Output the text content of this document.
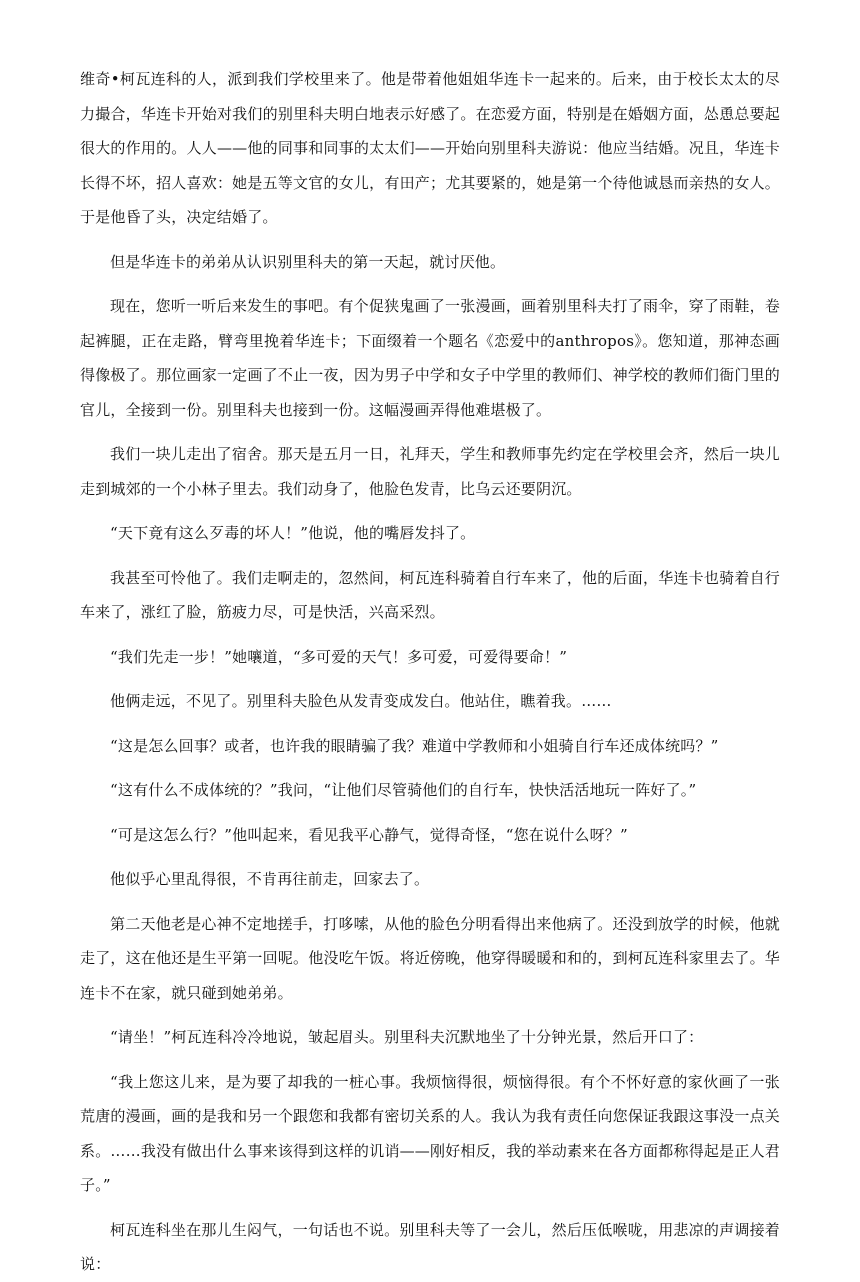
维奇•柯瓦连科的人，派到我们学校里来了。他是带着他姐姐华连卡一起来的。后来，由于校长太太的尽力撮合，华连卡开始对我们的别里科夫明白地表示好感了。在恋爱方面，特别是在婚姻方面，怂恿总要起很大的作用的。人人——他的同事和同事的太太们——开始向别里科夫游说：他应当结婚。况且，华连卡长得不坏，招人喜欢：她是五等文官的女儿，有田产；尤其要紧的，她是第一个待他诚恳而亲热的女人。于是他昏了头，决定结婚了。

但是华连卡的弟弟从认识别里科夫的第一天起，就讨厌他。

现在，您听一听后来发生的事吧。有个促狭鬼画了一张漫画，画着别里科夫打了雨伞，穿了雨鞋，卷起裤腿，正在走路，臂弯里挽着华连卡；下面缀着一个题名《恋爱中的anthropos》。您知道，那神态画得像极了。那位画家一定画了不止一夜，因为男子中学和女子中学里的教师们、神学校的教师们衙门里的官儿，全接到一份。别里科夫也接到一份。这幅漫画弄得他难堪极了。

我们一块儿走出了宿舍。那天是五月一日，礼拜天，学生和教师事先约定在学校里会齐，然后一块儿走到城郊的一个小林子里去。我们动身了，他脸色发青，比乌云还要阴沉。

“天下竟有这么歹毒的坏人！”他说，他的嘴唇发抖了。

我甚至可怜他了。我们走啊走的，忽然间，柯瓦连科骑着自行车来了，他的后面，华连卡也骑着自行车来了，涨红了脸，筋疲力尽，可是快活，兴高采烈。

“我们先走一步！”她嚷道，“多可爱的天气！多可爱，可爱得要命！”

他俩走远，不见了。别里科夫脸色从发青变成发白。他站住，瞧着我。……

“这是怎么回事？或者，也许我的眼睛骗了我？难道中学教师和小姐骑自行车还成体统吗？”

“这有什么不成体统的？”我问，“让他们尽管骑他们的自行车，快快活活地玩一阵好了。”

“可是这怎么行？”他叫起来，看见我平心静气，觉得奇怪，“您在说什么呀？”

他似乎心里乱得很，不肯再往前走，回家去了。

第二天他老是心神不定地搓手，打哆嗦，从他的脸色分明看得出来他病了。还没到放学的时候，他就走了，这在他还是生平第一回呢。他没吃午饭。将近傍晚，他穿得暖暖和和的，到柯瓦连科家里去了。华连卡不在家，就只碰到她弟弟。

“请坐！”柯瓦连科冷冷地说，皱起眉头。别里科夫沉默地坐了十分钟光景，然后开口了：

“我上您这儿来，是为要了却我的一桩心事。我烦恼得很，烦恼得很。有个不怀好意的家伙画了一张荒唐的漫画，画的是我和另一个跟您和我都有密切关系的人。我认为我有责任向您保证我跟这事没一点关系。……我没有做出什么事来该得到这样的讥诮——刚好相反，我的举动素来在各方面都称得起是正人君子。”

柯瓦连科坐在那儿生闷气，一句话也不说。别里科夫等了一会儿，然后压低喉咙，用悲凉的声调接着说：
